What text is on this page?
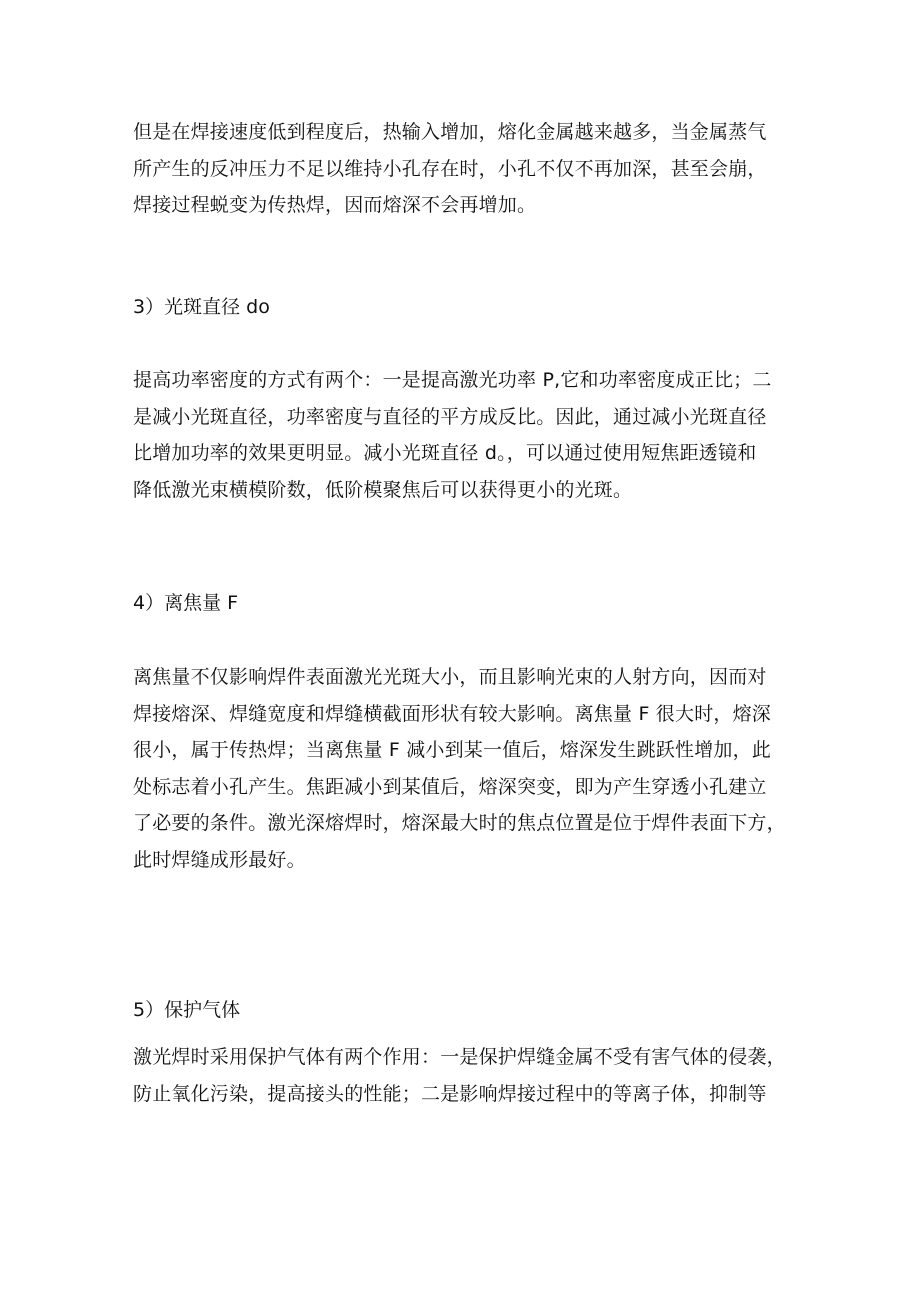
但是在焊接速度低到程度后，热输入增加，熔化金属越来越多，当金属蒸气
所产生的反冲压力不足以维持小孔存在时，小孔不仅不再加深，甚至会崩，
焊接过程蜕变为传热焊，因而熔深不会再增加。

3）光斑直径 do

提高功率密度的方式有两个：一是提高激光功率 P,它和功率密度成正比；二
是减小光斑直径，功率密度与直径的平方成反比。因此，通过减小光斑直径
比增加功率的效果更明显。减小光斑直径 d。，可以通过使用短焦距透镜和
降低激光束横模阶数，低阶模聚焦后可以获得更小的光斑。

4）离焦量 F

离焦量不仅影响焊件表面激光光斑大小，而且影响光束的人射方向，因而对
焊接熔深、焊缝宽度和焊缝横截面形状有较大影响。离焦量 F 很大时，熔深
很小，属于传热焊；当离焦量 F 减小到某一值后，熔深发生跳跃性增加，此
处标志着小孔产生。焦距减小到某值后，熔深突变，即为产生穿透小孔建立
了必要的条件。激光深熔焊时，熔深最大时的焦点位置是位于焊件表面下方，
此时焊缝成形最好。

5）保护气体

激光焊时采用保护气体有两个作用：一是保护焊缝金属不受有害气体的侵袭，
防止氧化污染，提高接头的性能；二是影响焊接过程中的等离子体，抑制等
